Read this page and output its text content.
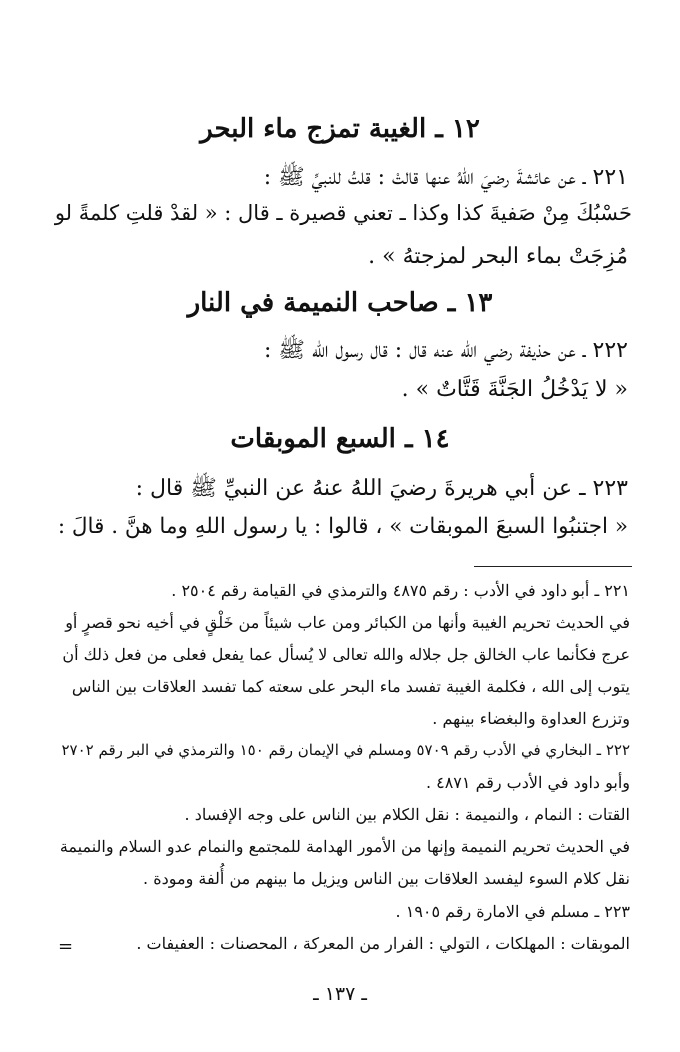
١٢ ـ الغيبة تمزج ماء البحر
٢٢١ ـ عن عائشةَ رضيَ اللهُ عنها قالتْ : قلتُ للنبيِّ ﷺ :
حَسْبُكَ مِنْ صَفيةَ كذا وكذا ـ تعني قصيرة ـ قال : « لقدْ قلتِ كلمةً لو
مُزِجَتْ بماء البحر لمزجتهُ » .
١٣ ـ صاحب النميمة في النار
٢٢٢ ـ عن حذيفة رضي الله عنه قال : قال رسول الله ﷺ :
« لا يَدْخُلُ الجَنَّةَ قَتَّاتٌ » .
١٤ ـ السبع الموبقات
٢٢٣ ـ عن أبي هريرةَ رضيَ اللهُ عنهُ عن النبيِّ ﷺ قال :
« اجتنبُوا السبعَ الموبقات » ، قالوا : يا رسول اللهِ وما هنَّ . قالَ :
٢٢١ ـ أبو داود في الأدب : رقم ٤٨٧٥ والترمذي في القيامة رقم ٢٥٠٤ .
في الحديث تحريم الغيبة وأنها من الكبائر ومن عاب شيئاً من خَلْقٍ في أخيه نحو قصرٍ أو
عرج فكأنما عاب الخالق جل جلاله والله تعالى لا يُسأل عما يفعل فعلى من فعل ذلك أن
يتوب إلى الله ، فكلمة الغيبة تفسد ماء البحر على سعته كما تفسد العلاقات بين الناس
وتزرع العداوة والبغضاء بينهم .
٢٢٢ ـ البخاري في الأدب رقم ٥٧٠٩ ومسلم في الإيمان رقم ١٥٠ والترمذي في البر رقم ٢٧٠٢
وأبو داود في الأدب رقم ٤٨٧١ .
القتات : النمام ، والنميمة : نقل الكلام بين الناس على وجه الإفساد .
في الحديث تحريم النميمة وإنها من الأمور الهدامة للمجتمع والنمام عدو السلام والنميمة
نقل كلام السوء ليفسد العلاقات بين الناس ويزيل ما بينهم من أُلفة ومودة .
٢٢٣ ـ مسلم في الامارة رقم ١٩٠٥ .
الموبقات : المهلكات ، التولي : الفرار من المعركة ، المحصنات : العفيفات .
=
ـ ١٣٧ ـ
